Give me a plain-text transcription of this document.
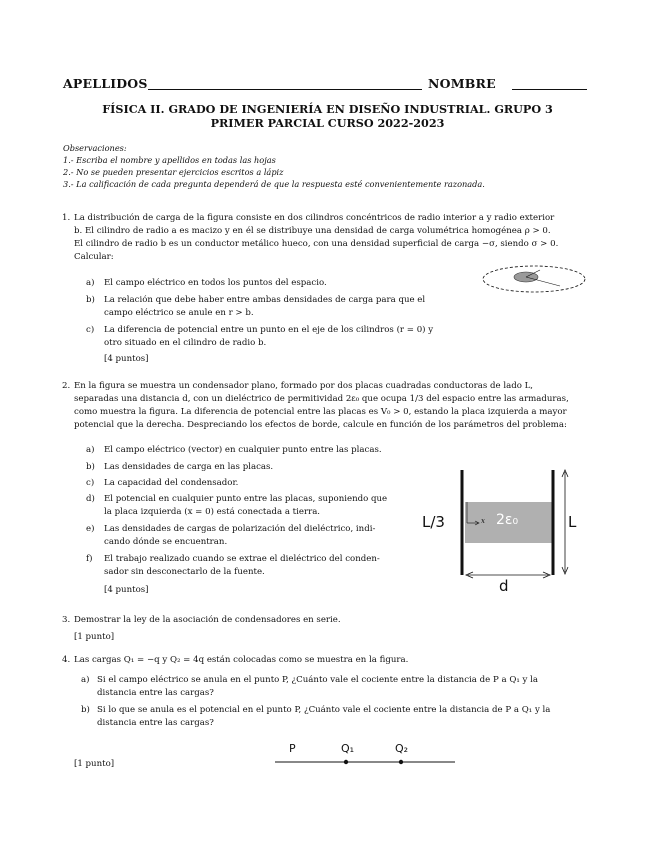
APELLIDOS	NOMBRE
FÍSICA II. GRADO DE INGENIERÍA EN DISEÑO INDUSTRIAL. GRUPO 3
PRIMER PARCIAL CURSO 2022-2023
Observaciones:
1.- Escriba el nombre y apellidos en todas las hojas
2.- No se pueden presentar ejercicios escritos a lápiz
3.- La calificación de cada pregunta dependerá de que la respuesta esté convenientemente razonada.
1. La distribución de carga de la figura consiste en dos cilindros concéntricos de radio interior a y radio exterior
b. El cilindro de radio a es macizo y en él se distribuye una densidad de carga volumétrica homogénea ρ > 0.
El cilindro de radio b es un conductor metálico hueco, con una densidad superficial de carga −σ, siendo σ > 0.
Calcular:
a) El campo eléctrico en todos los puntos del espacio.
b) La relación que debe haber entre ambas densidades de carga para que el
campo eléctrico se anule en r > b.
c) La diferencia de potencial entre un punto en el eje de los cilindros (r = 0) y
otro situado en el cilindro de radio b.
[4 puntos]
2. En la figura se muestra un condensador plano, formado por dos placas cuadradas conductoras de lado L,
separadas una distancia d, con un dieléctrico de permitividad 2ε₀ que ocupa 1/3 del espacio entre las armaduras,
como muestra la figura. La diferencia de potencial entre las placas es V₀ > 0, estando la placa izquierda a mayor
potencial que la derecha. Despreciando los efectos de borde, calcule en función de los parámetros del problema:
a) El campo eléctrico (vector) en cualquier punto entre las placas.
b) Las densidades de carga en las placas.
c) La capacidad del condensador.
d) El potencial en cualquier punto entre las placas, suponiendo que
la placa izquierda (x = 0) está conectada a tierra.
e) Las densidades de cargas de polarización del dieléctrico, indi-
cando dónde se encuentran.
f) El trabajo realizado cuando se extrae el dieléctrico del conden-
sador sin desconectarlo de la fuente.
[4 puntos]
L/3	L
d
2ε₀
x
3. Demostrar la ley de la asociación de condensadores en serie.
[1 punto]
4. Las cargas Q₁ = −q y Q₂ = 4q están colocadas como se muestra en la figura.
a) Si el campo eléctrico se anula en el punto P, ¿Cuánto vale el cociente entre la distancia de P a Q₁ y la
distancia entre las cargas?
b) Si lo que se anula es el potencial en el punto P, ¿Cuánto vale el cociente entre la distancia de P a Q₁ y la
distancia entre las cargas?
[1 punto]
P	Q₁	Q₂
